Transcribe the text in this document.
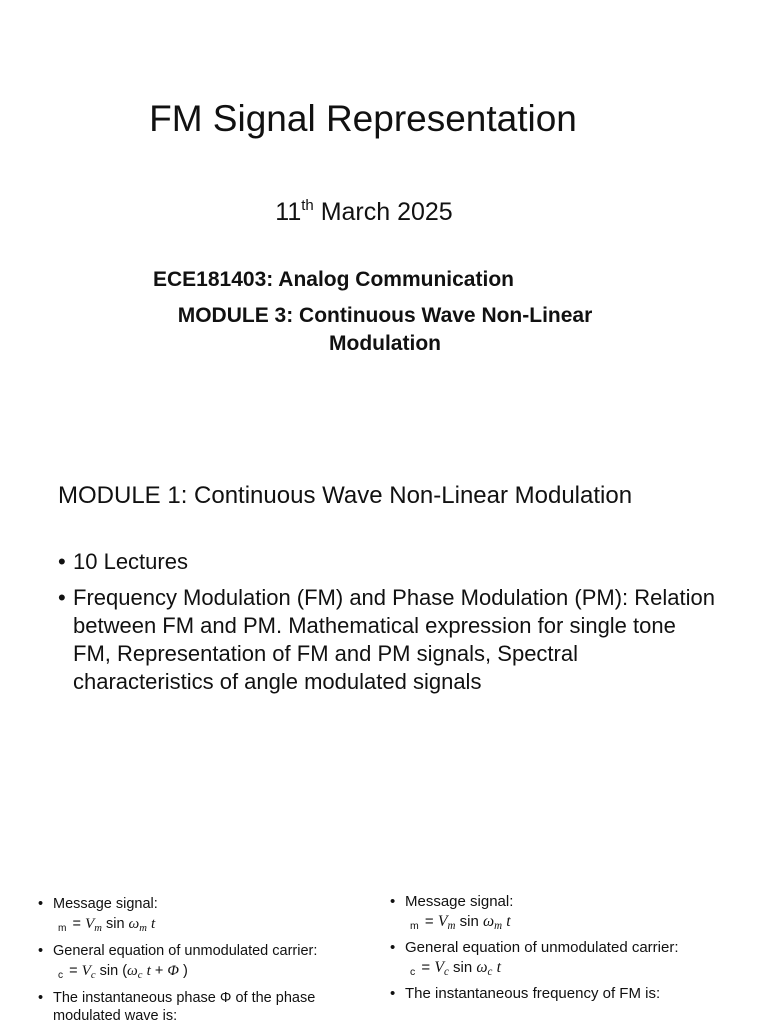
FM Signal Representation
11th March 2025
ECE181403: Analog Communication
MODULE 3: Continuous Wave Non-Linear Modulation
MODULE 1: Continuous Wave Non-Linear Modulation
• 10 Lectures
• Frequency Modulation (FM) and Phase Modulation (PM): Relation between FM and PM. Mathematical expression for single tone FM, Representation of FM and PM signals, Spectral characteristics of angle modulated signals
• Message signal:
$_m = V_m$ $\sin \omega_m$ t
• General equation of unmodulated carrier:
$_c = V_c$ $\sin (\omega_c$ t + Φ )
• The instantaneous phase Φ of the phase modulated wave is:
• Message signal:
$_m = V_m$ $\sin \omega_m$ t
• General equation of unmodulated carrier:
$_c = V_c$ $\sin \omega_c$ t
• The instantaneous frequency of FM is:
